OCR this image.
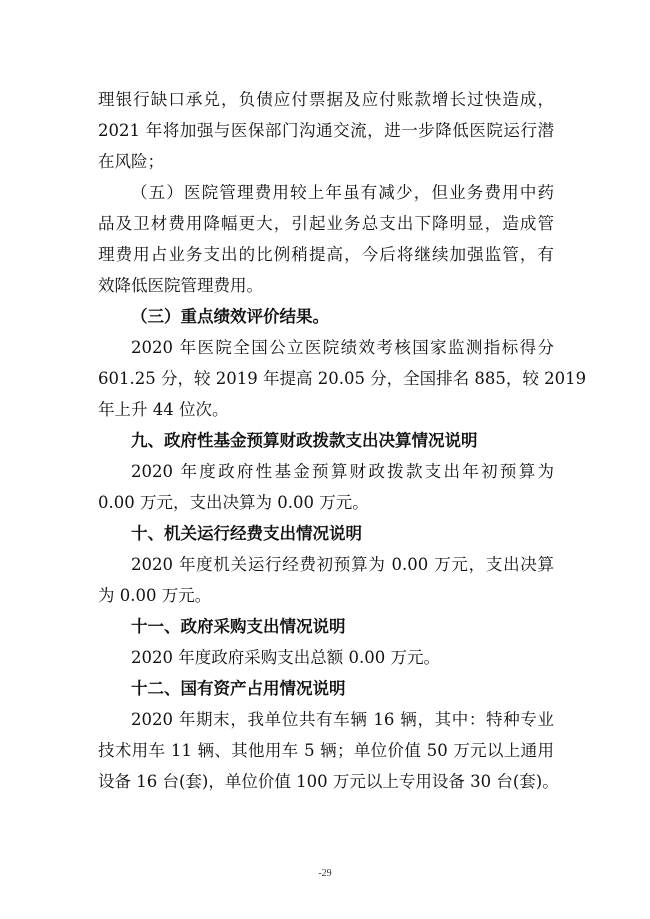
理银行缺口承兑，负债应付票据及应付账款增长过快造成，

2021 年将加强与医保部门沟通交流，进一步降低医院运行潜

在风险；

（五）医院管理费用较上年虽有减少，但业务费用中药

品及卫材费用降幅更大，引起业务总支出下降明显，造成管

理费用占业务支出的比例稍提高，今后将继续加强监管，有

效降低医院管理费用。

（三）重点绩效评价结果。

2020 年医院全国公立医院绩效考核国家监测指标得分

601.25 分，较 2019 年提高 20.05 分，全国排名 885，较 2019

年上升 44 位次。

九、政府性基金预算财政拨款支出决算情况说明

2020 年度政府性基金预算财政拨款支出年初预算为

0.00 万元，支出决算为 0.00 万元。

十、机关运行经费支出情况说明

2020 年度机关运行经费初预算为 0.00 万元，支出决算

为 0.00 万元。

十一、政府采购支出情况说明

2020 年度政府采购支出总额 0.00 万元。

十二、国有资产占用情况说明

2020 年期末，我单位共有车辆 16 辆，其中：特种专业

技术用车 11 辆、其他用车 5 辆；单位价值 50 万元以上通用

设备 16 台(套)，单位价值 100 万元以上专用设备 30 台(套)。

-29
